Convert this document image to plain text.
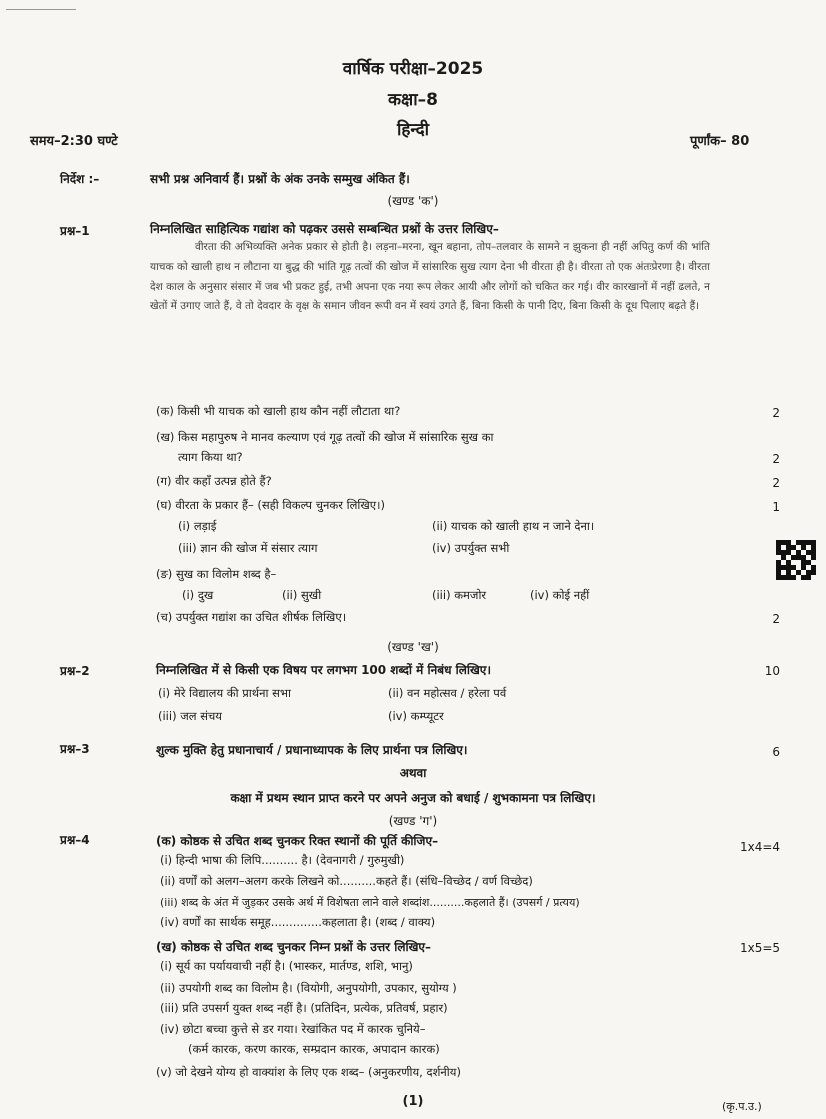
वार्षिक परीक्षा–2025
कक्षा–8
हिन्दी
समय–2:30 घण्टे	पूर्णांक– 80
निर्देश :–	सभी प्रश्न अनिवार्य हैं। प्रश्नों के अंक उनके सम्मुख अंकित हैं।
(खण्ड 'क')
प्रश्न–1	निम्नलिखित साहित्यिक गद्यांश को पढ़कर उससे सम्बन्धित प्रश्नों के उत्तर लिखिए–

वीरता की अभिव्यक्ति अनेक प्रकार से होती है। लड़ना–मरना, खून बहाना, तोप–तलवार के सामने न झुकना ही नहीं अपितु कर्ण की भांति याचक को खाली हाथ न लौटाना या बुद्ध की भांति गूढ़ तत्वों की खोज में सांसारिक सुख त्याग देना भी वीरता ही है। वीरता तो एक अंतःप्रेरणा है। वीरता देश काल के अनुसार संसार में जब भी प्रकट हुई, तभी अपना एक नया रूप लेकर आयी और लोगों को चकित कर गई। वीर कारखानों में नहीं ढलते, न खेतों में उगाए जाते हैं, वे तो देवदार के वृक्ष के समान जीवन रूपी वन में स्वयं उगते हैं, बिना किसी के पानी दिए, बिना किसी के दूध पिलाए बढ़ते हैं।

(क) किसी भी याचक को खाली हाथ कौन नहीं लौटाता था?	2
(ख) किस महापुरुष ने मानव कल्याण एवं गूढ़ तत्वों की खोज में सांसारिक सुख का
त्याग किया था?	2
(ग) वीर कहाँ उत्पन्न होते हैं?	2
(घ) वीरता के प्रकार हैं– (सही विकल्प चुनकर लिखिए।)	1
(i) लड़ाई	(ii) याचक को खाली हाथ न जाने देना।
(iii) ज्ञान की खोज में संसार त्याग	(iv) उपर्युक्त सभी
(ङ) सुख का विलोम शब्द है–
(i) दुख	(ii) सुखी	(iii) कमजोर	(iv) कोई नहीं
(च) उपर्युक्त गद्यांश का उचित शीर्षक लिखिए।	2
(खण्ड 'ख')
प्रश्न–2	निम्नलिखित में से किसी एक विषय पर लगभग 100 शब्दों में निबंध लिखिए।	10
(i) मेरे विद्यालय की प्रार्थना सभा	(ii) वन महोत्सव / हरेला पर्व
(iii) जल संचय	(iv) कम्प्यूटर
प्रश्न–3	शुल्क मुक्ति हेतु प्रधानाचार्य / प्रधानाध्यापक के लिए प्रार्थना पत्र लिखिए।	6
अथवा
कक्षा में प्रथम स्थान प्राप्त करने पर अपने अनुज को बधाई / शुभकामना पत्र लिखिए।
(खण्ड 'ग')
प्रश्न–4	(क) कोष्ठक से उचित शब्द चुनकर रिक्त स्थानों की पूर्ति कीजिए–	1x4=4
(i) हिन्दी भाषा की लिपि.......... है। (देवनागरी / गुरुमुखी)
(ii) वर्णों को अलग–अलग करके लिखने को..........कहते हैं। (संधि–विच्छेद / वर्ण विच्छेद)
(iii) शब्द के अंत में जुड़कर उसके अर्थ में विशेषता लाने वाले शब्दांश..........कहलाते हैं। (उपसर्ग / प्रत्यय)
(iv) वर्णों का सार्थक समूह..............कहलाता है। (शब्द / वाक्य)
(ख) कोष्ठक से उचित शब्द चुनकर निम्न प्रश्नों के उत्तर लिखिए–	1x5=5
(i) सूर्य का पर्यायवाची नहीं है। (भास्कर, मार्तण्ड, शशि, भानु)
(ii) उपयोगी शब्द का विलोम है। (वियोगी, अनुपयोगी, उपकार, सुयोग्य )
(iii) प्रति उपसर्ग युक्त शब्द नहीं है। (प्रतिदिन, प्रत्येक, प्रतिवर्ष, प्रहार)
(iv) छोटा बच्चा कुत्ते से डर गया। रेखांकित पद में कारक चुनिये–
(कर्म कारक, करण कारक, सम्प्रदान कारक, अपादान कारक)
(v) जो देखने योग्य हो वाक्यांश के लिए एक शब्द– (अनुकरणीय, दर्शनीय)
(1)	(कृ.प.उ.)
